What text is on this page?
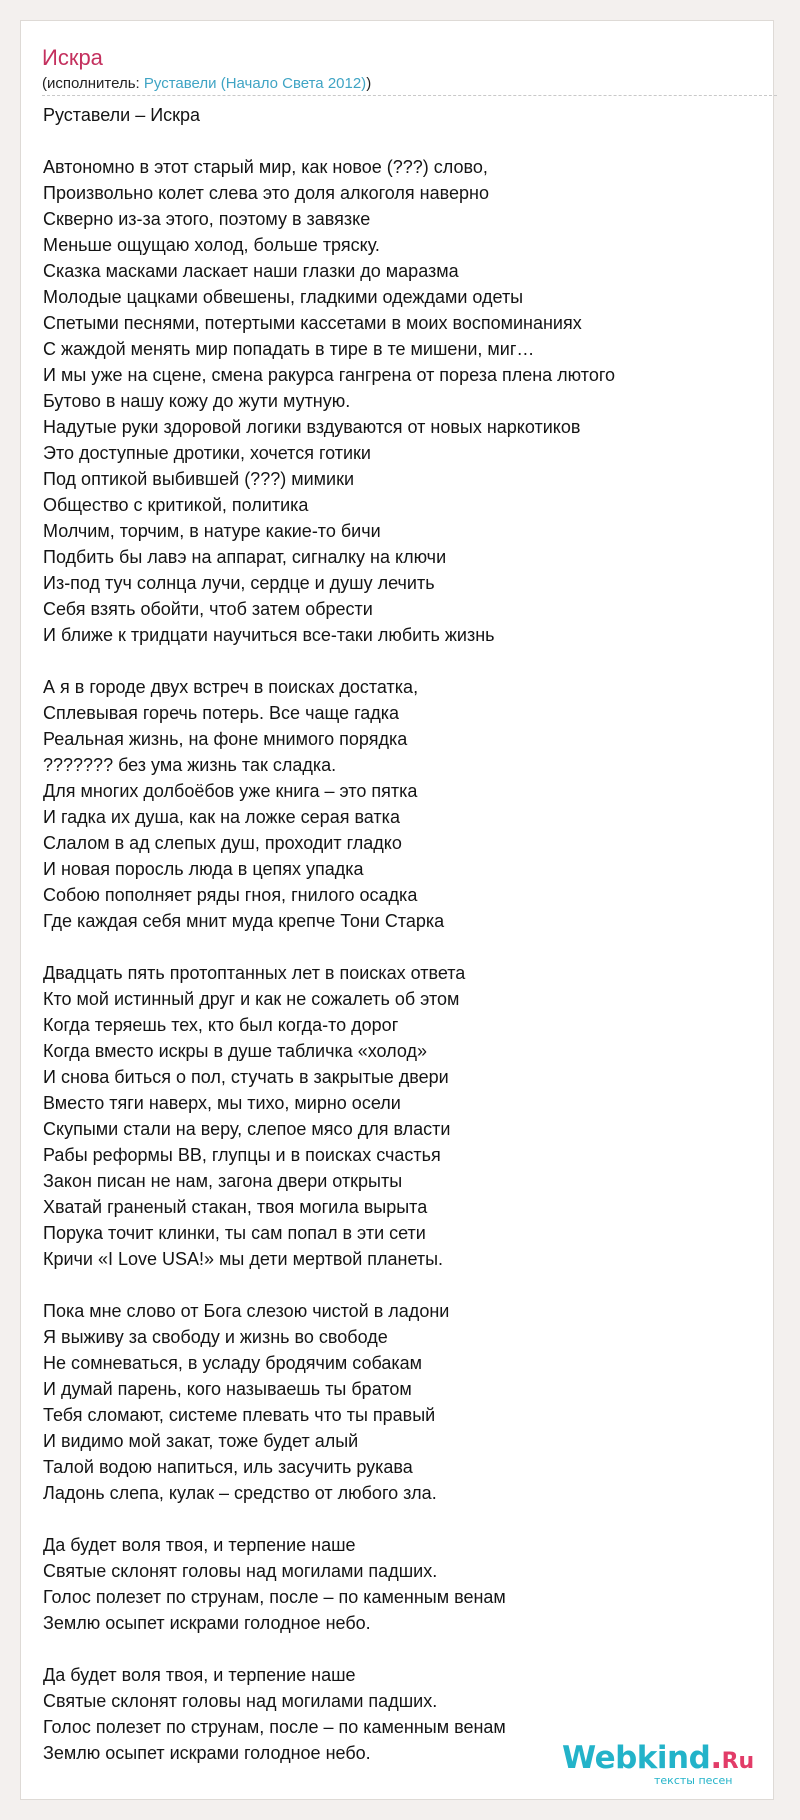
Искра
(исполнитель: Руставели (Начало Света 2012))
Руставели – Искра
Автономно в этот старый мир, как новое (???) слово,
Произвольно колет слева это доля алкоголя наверно
Скверно из-за этого, поэтому в завязке
Меньше ощущаю холод, больше тряску.
Сказка масками ласкает наши глазки до маразма
Молодые цацками обвешены, гладкими одеждами одеты
Спетыми песнями, потертыми кассетами в моих воспоминаниях
С жаждой менять мир попадать в тире в те мишени, миг…
И мы уже на сцене, смена ракурса гангрена от пореза плена лютого
Бутово в нашу кожу до жути мутную.
Надутые руки здоровой логики вздуваются от новых наркотиков
Это доступные дротики, хочется готики
Под оптикой выбившей (???) мимики
Общество с критикой, политика
Молчим, торчим, в натуре какие-то бичи
Подбить бы лавэ на аппарат, сигналку на ключи
Из-под туч солнца лучи, сердце и душу лечить
Себя взять обойти, чтоб затем обрести
И ближе к тридцати научиться все-таки любить жизнь
А я в городе двух встреч в поисках достатка,
Сплевывая горечь потерь. Все чаще гадка
Реальная жизнь, на фоне мнимого порядка
??????? без ума жизнь так сладка.
Для многих долбоёбов уже книга – это пятка
И гадка их душа, как на ложке серая ватка
Слалом в ад слепых душ, проходит гладко
И новая поросль люда в цепях упадка
Собою пополняет ряды гноя, гнилого осадка
Где каждая себя мнит муда крепче Тони Старка
Двадцать пять протоптанных лет в поисках ответа
Кто мой истинный друг и как не сожалеть об этом
Когда теряешь тех, кто был когда-то дорог
Когда вместо искры в душе табличка «холод»
И снова биться о пол, стучать в закрытые двери
Вместо тяги наверх, мы тихо, мирно осели
Скупыми стали на веру, слепое мясо для власти
Рабы реформы ВВ, глупцы и в поисках счастья
Закон писан не нам, загона двери открыты
Хватай граненый стакан, твоя могила вырыта
Порука точит клинки, ты сам попал в эти сети
Кричи «I Love USA!» мы дети мертвой планеты.
Пока мне слово от Бога слезою чистой в ладони
Я выживу за свободу и жизнь во свободе
Не сомневаться, в усладу бродячим собакам
И думай парень, кого называешь ты братом
Тебя сломают, системе плевать что ты правый
И видимо мой закат, тоже будет алый
Талой водою напиться, иль засучить рукава
Ладонь слепа, кулак – средство от любого зла.
Да будет воля твоя, и терпение наше
Святые склонят головы над могилами падших.
Голос полезет по струнам, после – по каменным венам
Землю осыпет искрами голодное небо.
Да будет воля твоя, и терпение наше
Святые склонят головы над могилами падших.
Голос полезет по струнам, после – по каменным венам
Землю осыпет искрами голодное небо.	Webkind.Ru
тексты песен
